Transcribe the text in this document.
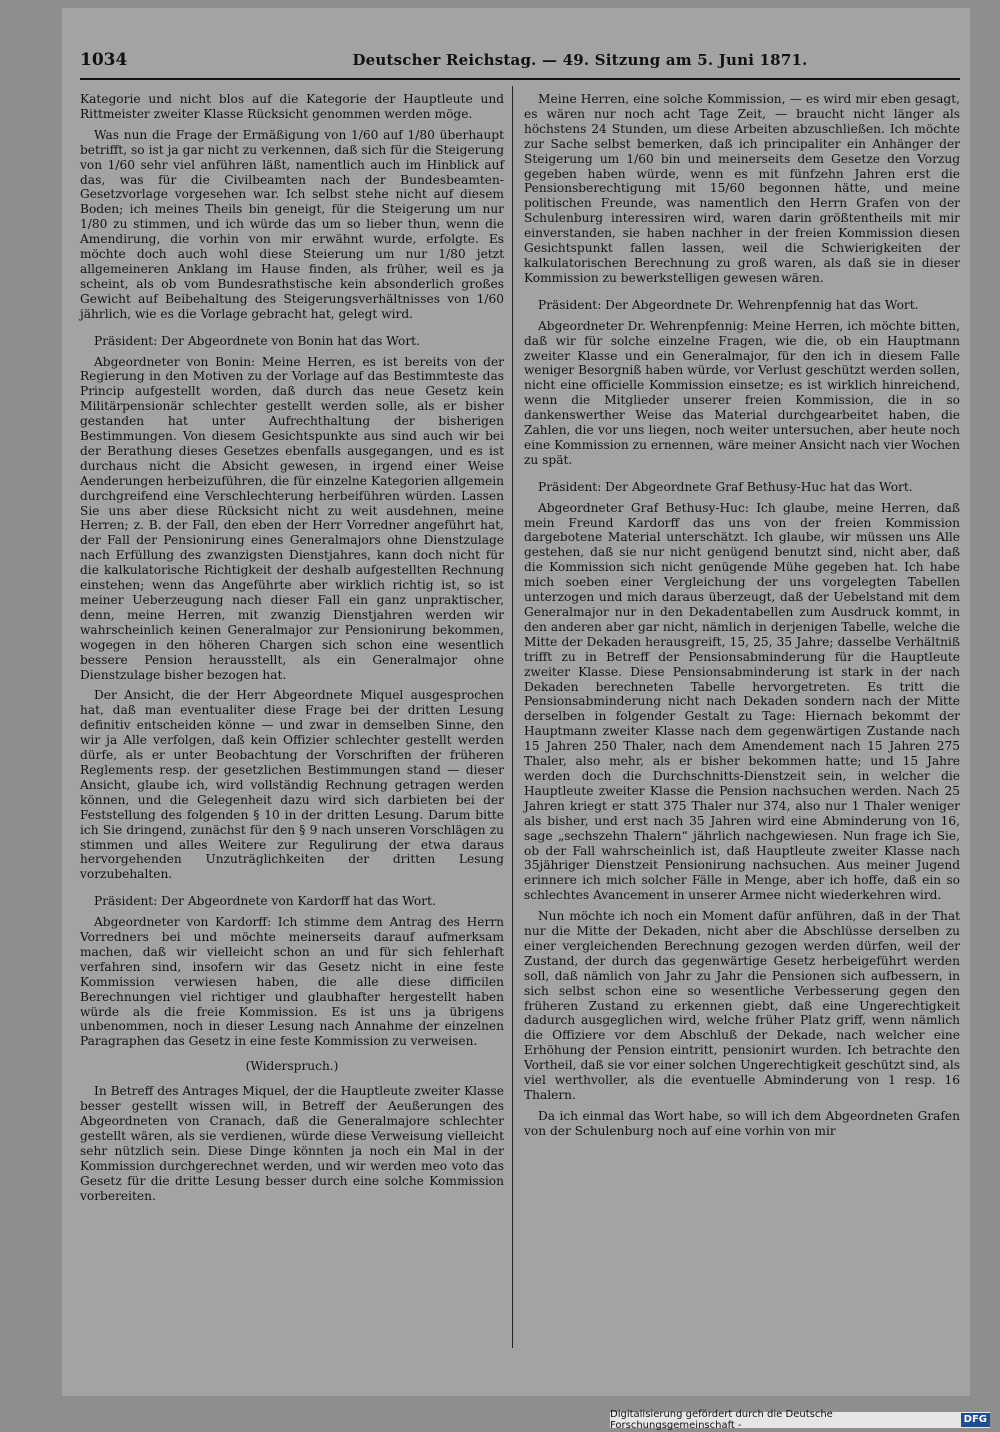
1034	Deutscher Reichstag. — 49. Sitzung am 5. Juni 1871.

Kategorie und nicht blos auf die Kategorie der Hauptleute und Rittmeister zweiter Klasse Rücksicht genommen werden möge.

Was nun die Frage der Ermäßigung von 1/60 auf 1/80 überhaupt betrifft, so ist ja gar nicht zu verkennen, daß sich für die Steigerung von 1/60 sehr viel anführen läßt, namentlich auch im Hinblick auf das, was für die Civilbeamten nach der Bundesbeamten-Gesetzvorlage vorgesehen war. Ich selbst stehe nicht auf diesem Boden; ich meines Theils bin geneigt, für die Steigerung um nur 1/80 zu stimmen, und ich würde das um so lieber thun, wenn die Amendirung, die vorhin von mir erwähnt wurde, erfolgte. Es möchte doch auch wohl diese Steierung um nur 1/80 jetzt allgemeineren Anklang im Hause finden, als früher, weil es ja scheint, als ob vom Bundesrathstische kein absonderlich großes Gewicht auf Beibehaltung des Steigerungsverhältnisses von 1/60 jährlich, wie es die Vorlage gebracht hat, gelegt wird.

Präsident: Der Abgeordnete von Bonin hat das Wort.

Abgeordneter von Bonin: Meine Herren, es ist bereits von der Regierung in den Motiven zu der Vorlage auf das Bestimmteste das Princip aufgestellt worden, daß durch das neue Gesetz kein Militärpensionär schlechter gestellt werden solle, als er bisher gestanden hat unter Aufrechthaltung der bisherigen Bestimmungen. Von diesem Gesichtspunkte aus sind auch wir bei der Berathung dieses Gesetzes ebenfalls ausgegangen, und es ist durchaus nicht die Absicht gewesen, in irgend einer Weise Aenderungen herbeizuführen, die für einzelne Kategorien allgemein durchgreifend eine Verschlechterung herbeiführen würden. Lassen Sie uns aber diese Rücksicht nicht zu weit ausdehnen, meine Herren; z. B. der Fall, den eben der Herr Vorredner angeführt hat, der Fall der Pensionirung eines Generalmajors ohne Dienstzulage nach Erfüllung des zwanzigsten Dienstjahres, kann doch nicht für die kalkulatorische Richtigkeit der deshalb aufgestellten Rechnung einstehen; wenn das Angeführte aber wirklich richtig ist, so ist meiner Ueberzeugung nach dieser Fall ein ganz unpraktischer, denn, meine Herren, mit zwanzig Dienstjahren werden wir wahrscheinlich keinen Generalmajor zur Pensionirung bekommen, wogegen in den höheren Chargen sich schon eine wesentlich bessere Pension herausstellt, als ein Generalmajor ohne Dienstzulage bisher bezogen hat.

Der Ansicht, die der Herr Abgeordnete Miquel ausgesprochen hat, daß man eventualiter diese Frage bei der dritten Lesung definitiv entscheiden könne — und zwar in demselben Sinne, den wir ja Alle verfolgen, daß kein Offizier schlechter gestellt werden dürfe, als er unter Beobachtung der Vorschriften der früheren Reglements resp. der gesetzlichen Bestimmungen stand — dieser Ansicht, glaube ich, wird vollständig Rechnung getragen werden können, und die Gelegenheit dazu wird sich darbieten bei der Feststellung des folgenden § 10 in der dritten Lesung. Darum bitte ich Sie dringend, zunächst für den § 9 nach unseren Vorschlägen zu stimmen und alles Weitere zur Regulirung der etwa daraus hervorgehenden Unzuträglichkeiten der dritten Lesung vorzubehalten.

Präsident: Der Abgeordnete von Kardorff hat das Wort.

Abgeordneter von Kardorff: Ich stimme dem Antrag des Herrn Vorredners bei und möchte meinerseits darauf aufmerksam machen, daß wir vielleicht schon an und für sich fehlerhaft verfahren sind, insofern wir das Gesetz nicht in eine feste Kommission verwiesen haben, die alle diese difficilen Berechnungen viel richtiger und glaubhafter hergestellt haben würde als die freie Kommission. Es ist uns ja übrigens unbenommen, noch in dieser Lesung nach Annahme der einzelnen Paragraphen das Gesetz in eine feste Kommission zu verweisen.

(Widerspruch.)

In Betreff des Antrages Miquel, der die Hauptleute zweiter Klasse besser gestellt wissen will, in Betreff der Aeußerungen des Abgeordneten von Cranach, daß die Generalmajore schlechter gestellt wären, als sie verdienen, würde diese Verweisung vielleicht sehr nützlich sein. Diese Dinge könnten ja noch ein Mal in der Kommission durchgerechnet werden, und wir werden meo voto das Gesetz für die dritte Lesung besser durch eine solche Kommission vorbereiten.

Meine Herren, eine solche Kommission, — es wird mir eben gesagt, es wären nur noch acht Tage Zeit, — braucht nicht länger als höchstens 24 Stunden, um diese Arbeiten abzuschließen. Ich möchte zur Sache selbst bemerken, daß ich principaliter ein Anhänger der Steigerung um 1/60 bin und meinerseits dem Gesetze den Vorzug gegeben haben würde, wenn es mit fünfzehn Jahren erst die Pensionsberechtigung mit 15/60 begonnen hätte, und meine politischen Freunde, was namentlich den Herrn Grafen von der Schulenburg interessiren wird, waren darin größtentheils mit mir einverstanden, sie haben nachher in der freien Kommission diesen Gesichtspunkt fallen lassen, weil die Schwierigkeiten der kalkulatorischen Berechnung zu groß waren, als daß sie in dieser Kommission zu bewerkstelligen gewesen wären.

Präsident: Der Abgeordnete Dr. Wehrenpfennig hat das Wort.

Abgeordneter Dr. Wehrenpfennig: Meine Herren, ich möchte bitten, daß wir für solche einzelne Fragen, wie die, ob ein Hauptmann zweiter Klasse und ein Generalmajor, für den ich in diesem Falle weniger Besorgniß haben würde, vor Verlust geschützt werden sollen, nicht eine officielle Kommission einsetze; es ist wirklich hinreichend, wenn die Mitglieder unserer freien Kommission, die in so dankenswerther Weise das Material durchgearbeitet haben, die Zahlen, die vor uns liegen, noch weiter untersuchen, aber heute noch eine Kommission zu ernennen, wäre meiner Ansicht nach vier Wochen zu spät.

Präsident: Der Abgeordnete Graf Bethusy-Huc hat das Wort.

Abgeordneter Graf Bethusy-Huc: Ich glaube, meine Herren, daß mein Freund Kardorff das uns von der freien Kommission dargebotene Material unterschätzt. Ich glaube, wir müssen uns Alle gestehen, daß sie nur nicht genügend benutzt sind, nicht aber, daß die Kommission sich nicht genügende Mühe gegeben hat. Ich habe mich soeben einer Vergleichung der uns vorgelegten Tabellen unterzogen und mich daraus überzeugt, daß der Uebelstand mit dem Generalmajor nur in den Dekadentabellen zum Ausdruck kommt, in den anderen aber gar nicht, nämlich in derjenigen Tabelle, welche die Mitte der Dekaden herausgreift, 15, 25, 35 Jahre; dasselbe Verhältniß trifft zu in Betreff der Pensionsabminderung für die Hauptleute zweiter Klasse. Diese Pensionsabminderung ist stark in der nach Dekaden berechneten Tabelle hervorgetreten. Es tritt die Pensionsabminderung nicht nach Dekaden sondern nach der Mitte derselben in folgender Gestalt zu Tage: Hiernach bekommt der Hauptmann zweiter Klasse nach dem gegenwärtigen Zustande nach 15 Jahren 250 Thaler, nach dem Amendement nach 15 Jahren 275 Thaler, also mehr, als er bisher bekommen hatte; und 15 Jahre werden doch die Durchschnitts-Dienstzeit sein, in welcher die Hauptleute zweiter Klasse die Pension nachsuchen werden. Nach 25 Jahren kriegt er statt 375 Thaler nur 374, also nur 1 Thaler weniger als bisher, und erst nach 35 Jahren wird eine Abminderung von 16, sage „sechszehn Thalern“ jährlich nachgewiesen. Nun frage ich Sie, ob der Fall wahrscheinlich ist, daß Hauptleute zweiter Klasse nach 35jähriger Dienstzeit Pensionirung nachsuchen. Aus meiner Jugend erinnere ich mich solcher Fälle in Menge, aber ich hoffe, daß ein so schlechtes Avancement in unserer Armee nicht wiederkehren wird.

Nun möchte ich noch ein Moment dafür anführen, daß in der That nur die Mitte der Dekaden, nicht aber die Abschlüsse derselben zu einer vergleichenden Berechnung gezogen werden dürfen, weil der Zustand, der durch das gegenwärtige Gesetz herbeigeführt werden soll, daß nämlich von Jahr zu Jahr die Pensionen sich aufbessern, in sich selbst schon eine so wesentliche Verbesserung gegen den früheren Zustand zu erkennen giebt, daß eine Ungerechtigkeit dadurch ausgeglichen wird, welche früher Platz griff, wenn nämlich die Offiziere vor dem Abschluß der Dekade, nach welcher eine Erhöhung der Pension eintritt, pensionirt wurden. Ich betrachte den Vortheil, daß sie vor einer solchen Ungerechtigkeit geschützt sind, als viel werthvoller, als die eventuelle Abminderung von 1 resp. 16 Thalern.

Da ich einmal das Wort habe, so will ich dem Abgeordneten Grafen von der Schulenburg noch auf eine vorhin von mir

Digitalisierung gefördert durch die Deutsche Forschungsgemeinschaft -
DFG
